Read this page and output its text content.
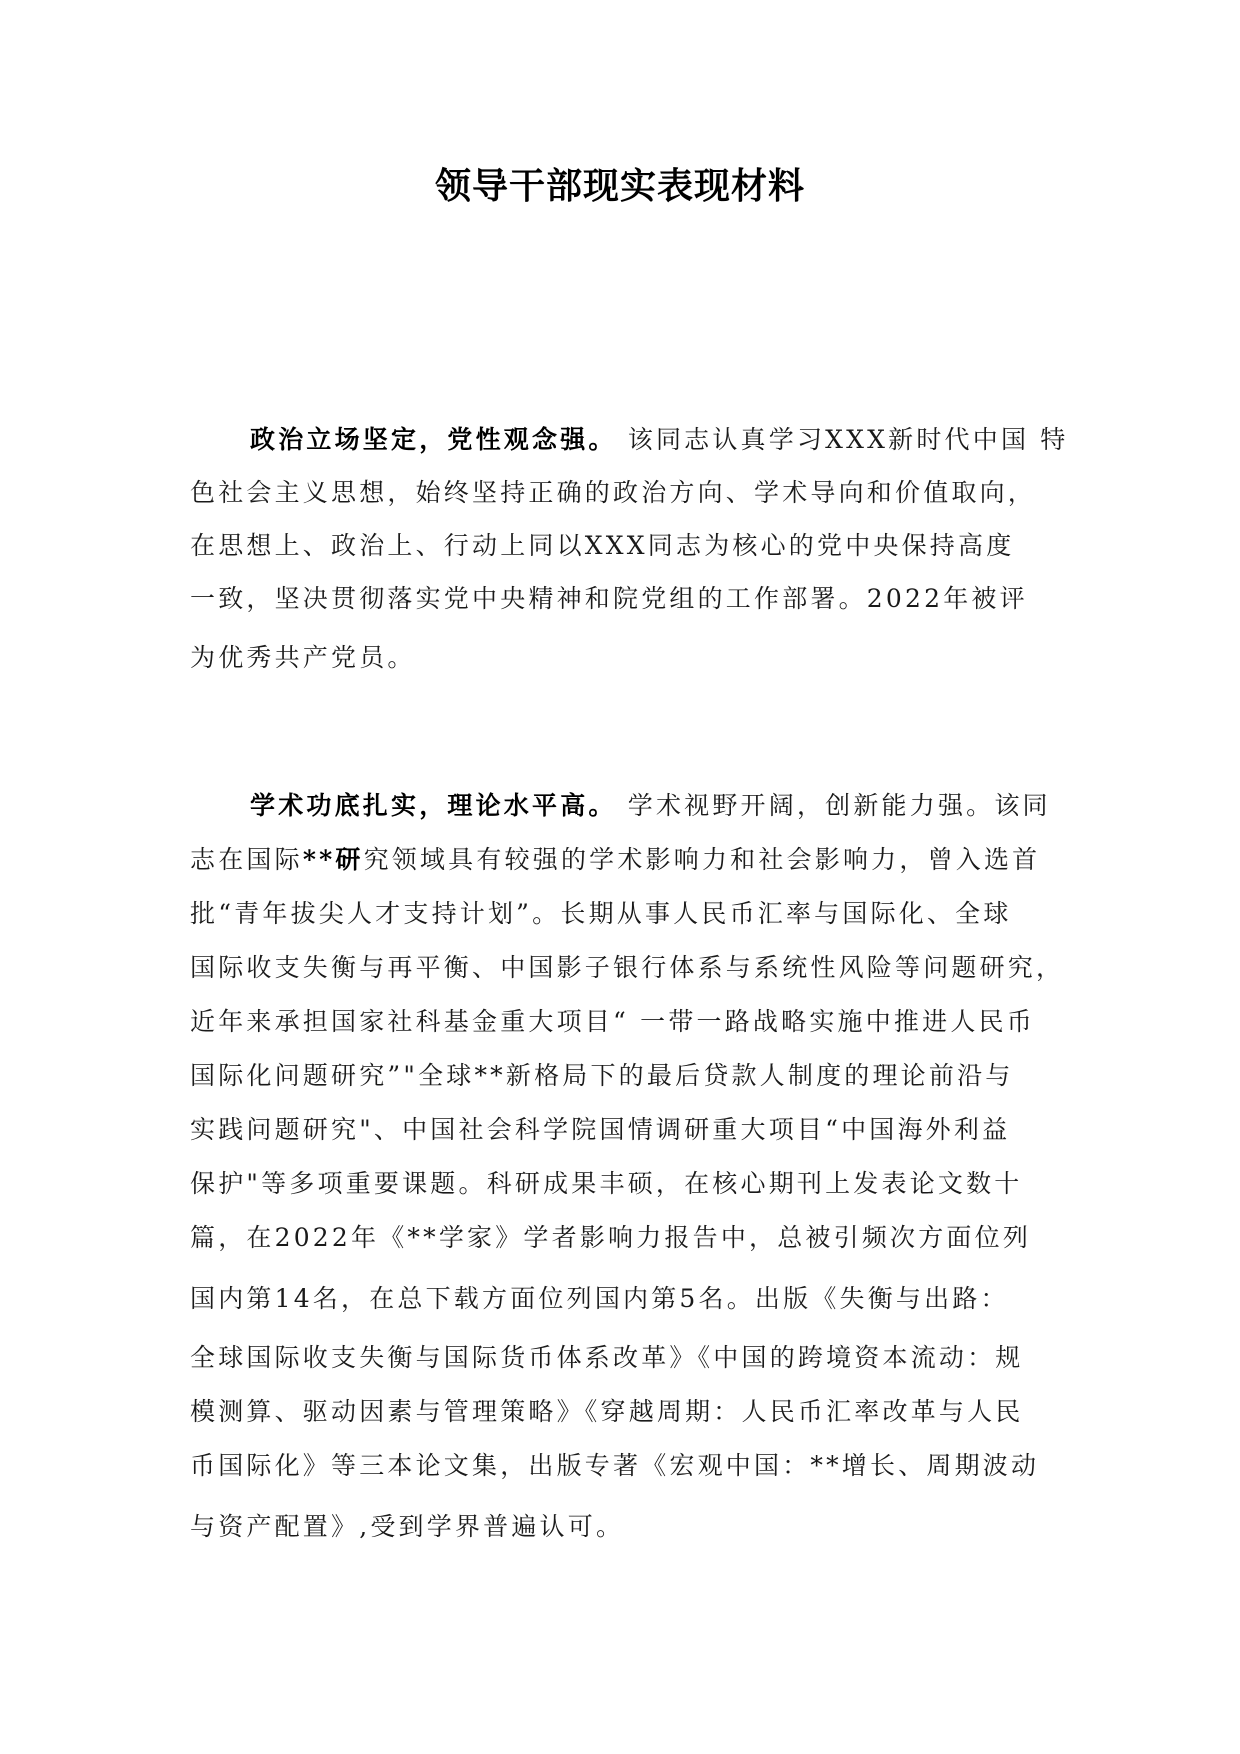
领导干部现实表现材料
政治立场坚定，党性观念强。 该同志认真学习XXX新时代中国 特
色社会主义思想，始终坚持正确的政治方向、学术导向和价值取向，
在思想上、政治上、行动上同以XXX同志为核心的党中央保持高度
一致，坚决贯彻落实党中央精神和院党组的工作部署。2022年被评
为优秀共产党员。
学术功底扎实，理论水平高。 学术视野开阔，创新能力强。该同
志在国际**研究领域具有较强的学术影响力和社会影响力，曾入选首
批“青年拔尖人才支持计划”。长期从事人民币汇率与国际化、全球
国际收支失衡与再平衡、中国影子银行体系与系统性风险等问题研究，
近年来承担国家社科基金重大项目“ 一带一路战略实施中推进人民币
国际化问题研究”"全球**新格局下的最后贷款人制度的理论前沿与
实践问题研究"、中国社会科学院国情调研重大项目“中国海外利益
保护"等多项重要课题。科研成果丰硕，在核心期刊上发表论文数十
篇，在2022年《**学家》学者影响力报告中，总被引频次方面位列
国内第14名，在总下载方面位列国内第5名。出版《失衡与出路：
全球国际收支失衡与国际货币体系改革》《中国的跨境资本流动：规
模测算、驱动因素与管理策略》《穿越周期：人民币汇率改革与人民
币国际化》等三本论文集，出版专著《宏观中国：**增长、周期波动
与资产配置》,受到学界普遍认可。
